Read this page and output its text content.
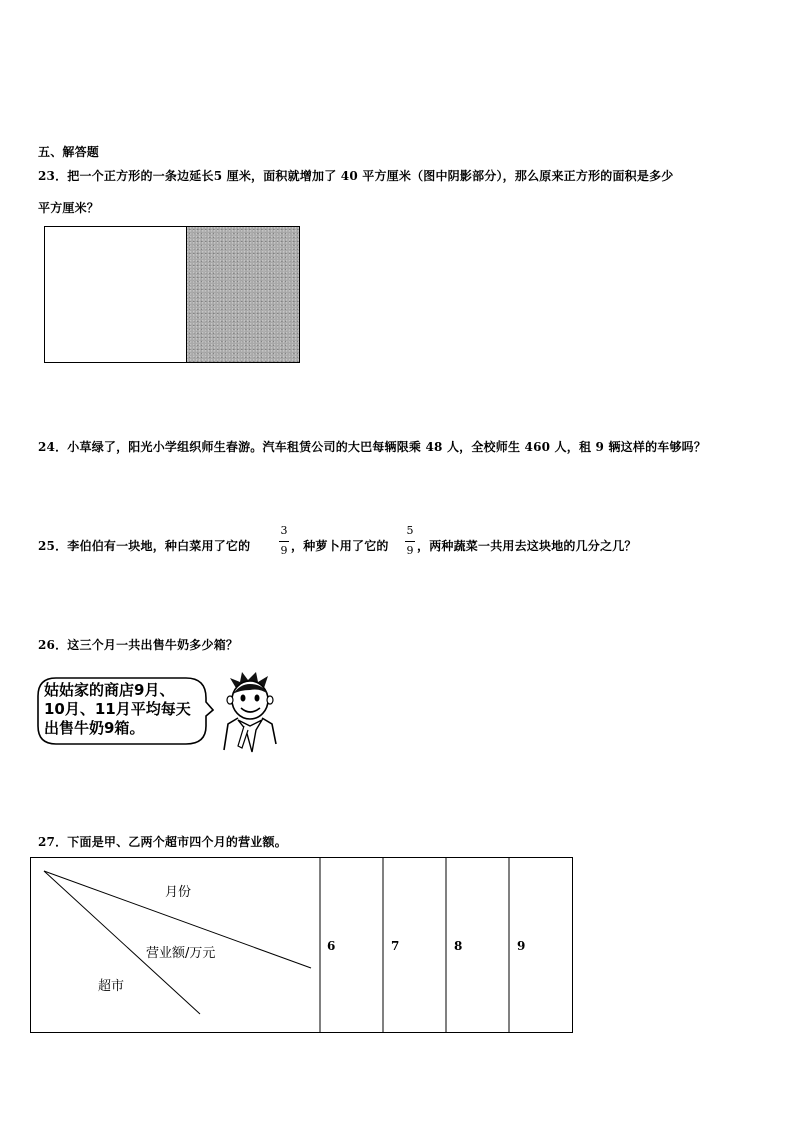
五、解答题
23．把一个正方形的一条边延长5 厘米，面积就增加了 40 平方厘米（图中阴影部分），那么原来正方形的面积是多少
平方厘米？
24．小草绿了，阳光小学组织师生春游。汽车租赁公司的大巴每辆限乘 48 人，全校师生 460 人，租 9 辆这样的车够吗？
25．李伯伯有一块地，种白菜用了它的
3
9 ，种萝卜用了它的
5
9 ，两种蔬菜一共用去这块地的几分之几？
26．这三个月一共出售牛奶多少箱？
姑姑家的商店9月、
10月、11月平均每天
出售牛奶9箱。
27．下面是甲、乙两个超市四个月的营业额。
月份
营业额/万元
超市
6	7	8	9
